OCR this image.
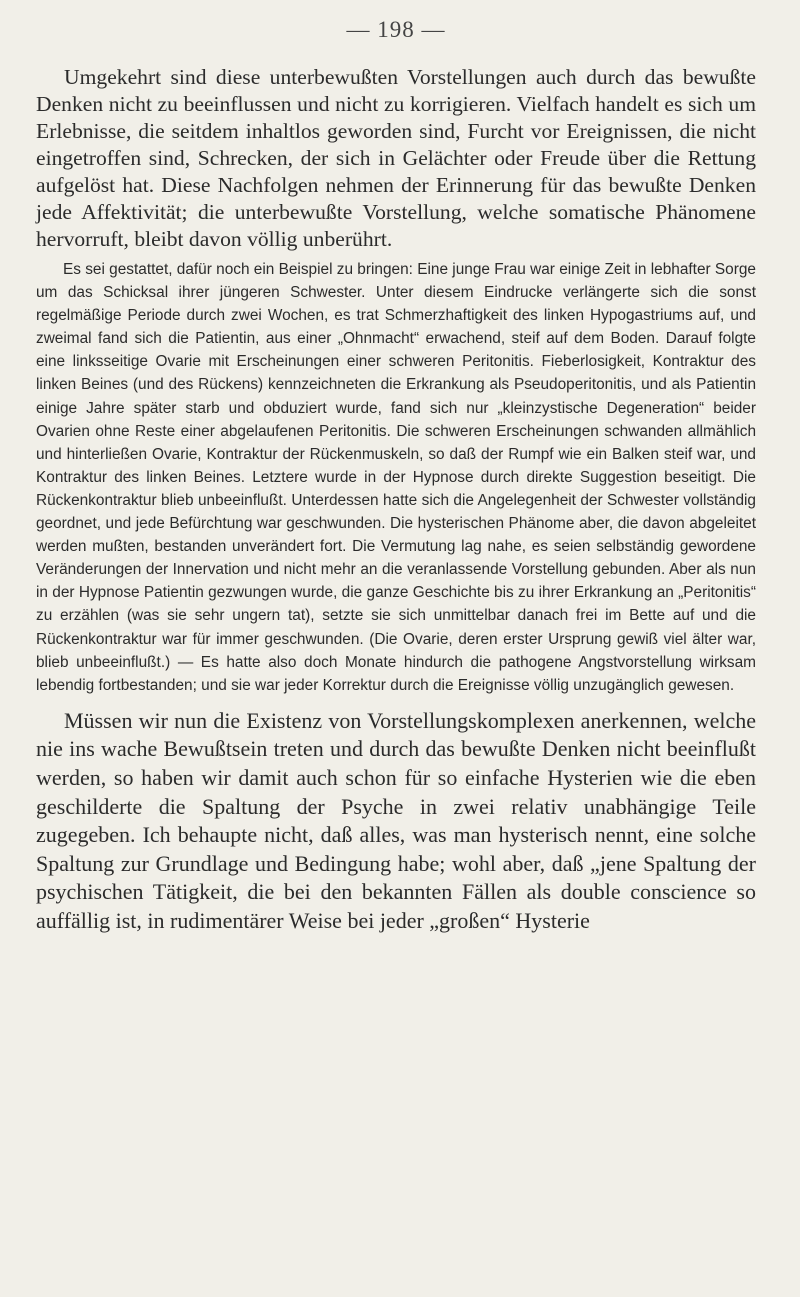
— 198 —

Umgekehrt sind diese unterbewußten Vorstellungen auch durch das bewußte Denken nicht zu beeinflussen und nicht zu korrigieren. Vielfach handelt es sich um Erlebnisse, die seitdem inhaltlos geworden sind, Furcht vor Ereignissen, die nicht eingetroffen sind, Schrecken, der sich in Gelächter oder Freude über die Rettung aufgelöst hat. Diese Nachfolgen nehmen der Erinnerung für das bewußte Denken jede Affektivität; die unterbewußte Vorstellung, welche somatische Phänomene hervorruft, bleibt davon völlig unberührt.

Es sei gestattet, dafür noch ein Beispiel zu bringen: Eine junge Frau war einige Zeit in lebhafter Sorge um das Schicksal ihrer jüngeren Schwester. Unter diesem Eindrucke verlängerte sich die sonst regelmäßige Periode durch zwei Wochen, es trat Schmerzhaftigkeit des linken Hypogastriums auf, und zweimal fand sich die Patientin, aus einer „Ohnmacht“ erwachend, steif auf dem Boden. Darauf folgte eine linksseitige Ovarie mit Erscheinungen einer schweren Peritonitis. Fieberlosigkeit, Kontraktur des linken Beines (und des Rückens) kennzeichneten die Erkrankung als Pseudoperitonitis, und als Patientin einige Jahre später starb und obduziert wurde, fand sich nur „kleinzystische Degeneration“ beider Ovarien ohne Reste einer abgelaufenen Peritonitis. Die schweren Erscheinungen schwanden allmählich und hinterließen Ovarie, Kontraktur der Rückenmuskeln, so daß der Rumpf wie ein Balken steif war, und Kontraktur des linken Beines. Letztere wurde in der Hypnose durch direkte Suggestion beseitigt. Die Rückenkontraktur blieb unbeeinflußt. Unterdessen hatte sich die Angelegenheit der Schwester vollständig geordnet, und jede Befürchtung war geschwunden. Die hysterischen Phänome aber, die davon abgeleitet werden mußten, bestanden unverändert fort. Die Vermutung lag nahe, es seien selbständig gewordene Veränderungen der Innervation und nicht mehr an die veranlassende Vorstellung gebunden. Aber als nun in der Hypnose Patientin gezwungen wurde, die ganze Geschichte bis zu ihrer Erkrankung an „Peritonitis“ zu erzählen (was sie sehr ungern tat), setzte sie sich unmittelbar danach frei im Bette auf und die Rückenkontraktur war für immer geschwunden. (Die Ovarie, deren erster Ursprung gewiß viel älter war, blieb unbeeinflußt.) — Es hatte also doch Monate hindurch die pathogene Angstvorstellung wirksam lebendig fortbestanden; und sie war jeder Korrektur durch die Ereignisse völlig unzugänglich gewesen.

Müssen wir nun die Existenz von Vorstellungskomplexen anerkennen, welche nie ins wache Bewußtsein treten und durch das bewußte Denken nicht beeinflußt werden, so haben wir damit auch schon für so einfache Hysterien wie die eben geschilderte die Spaltung der Psyche in zwei relativ unabhängige Teile zugegeben. Ich behaupte nicht, daß alles, was man hysterisch nennt, eine solche Spaltung zur Grundlage und Bedingung habe; wohl aber, daß „jene Spaltung der psychischen Tätigkeit, die bei den bekannten Fällen als double conscience so auffällig ist, in rudimentärer Weise bei jeder „großen“ Hysterie
